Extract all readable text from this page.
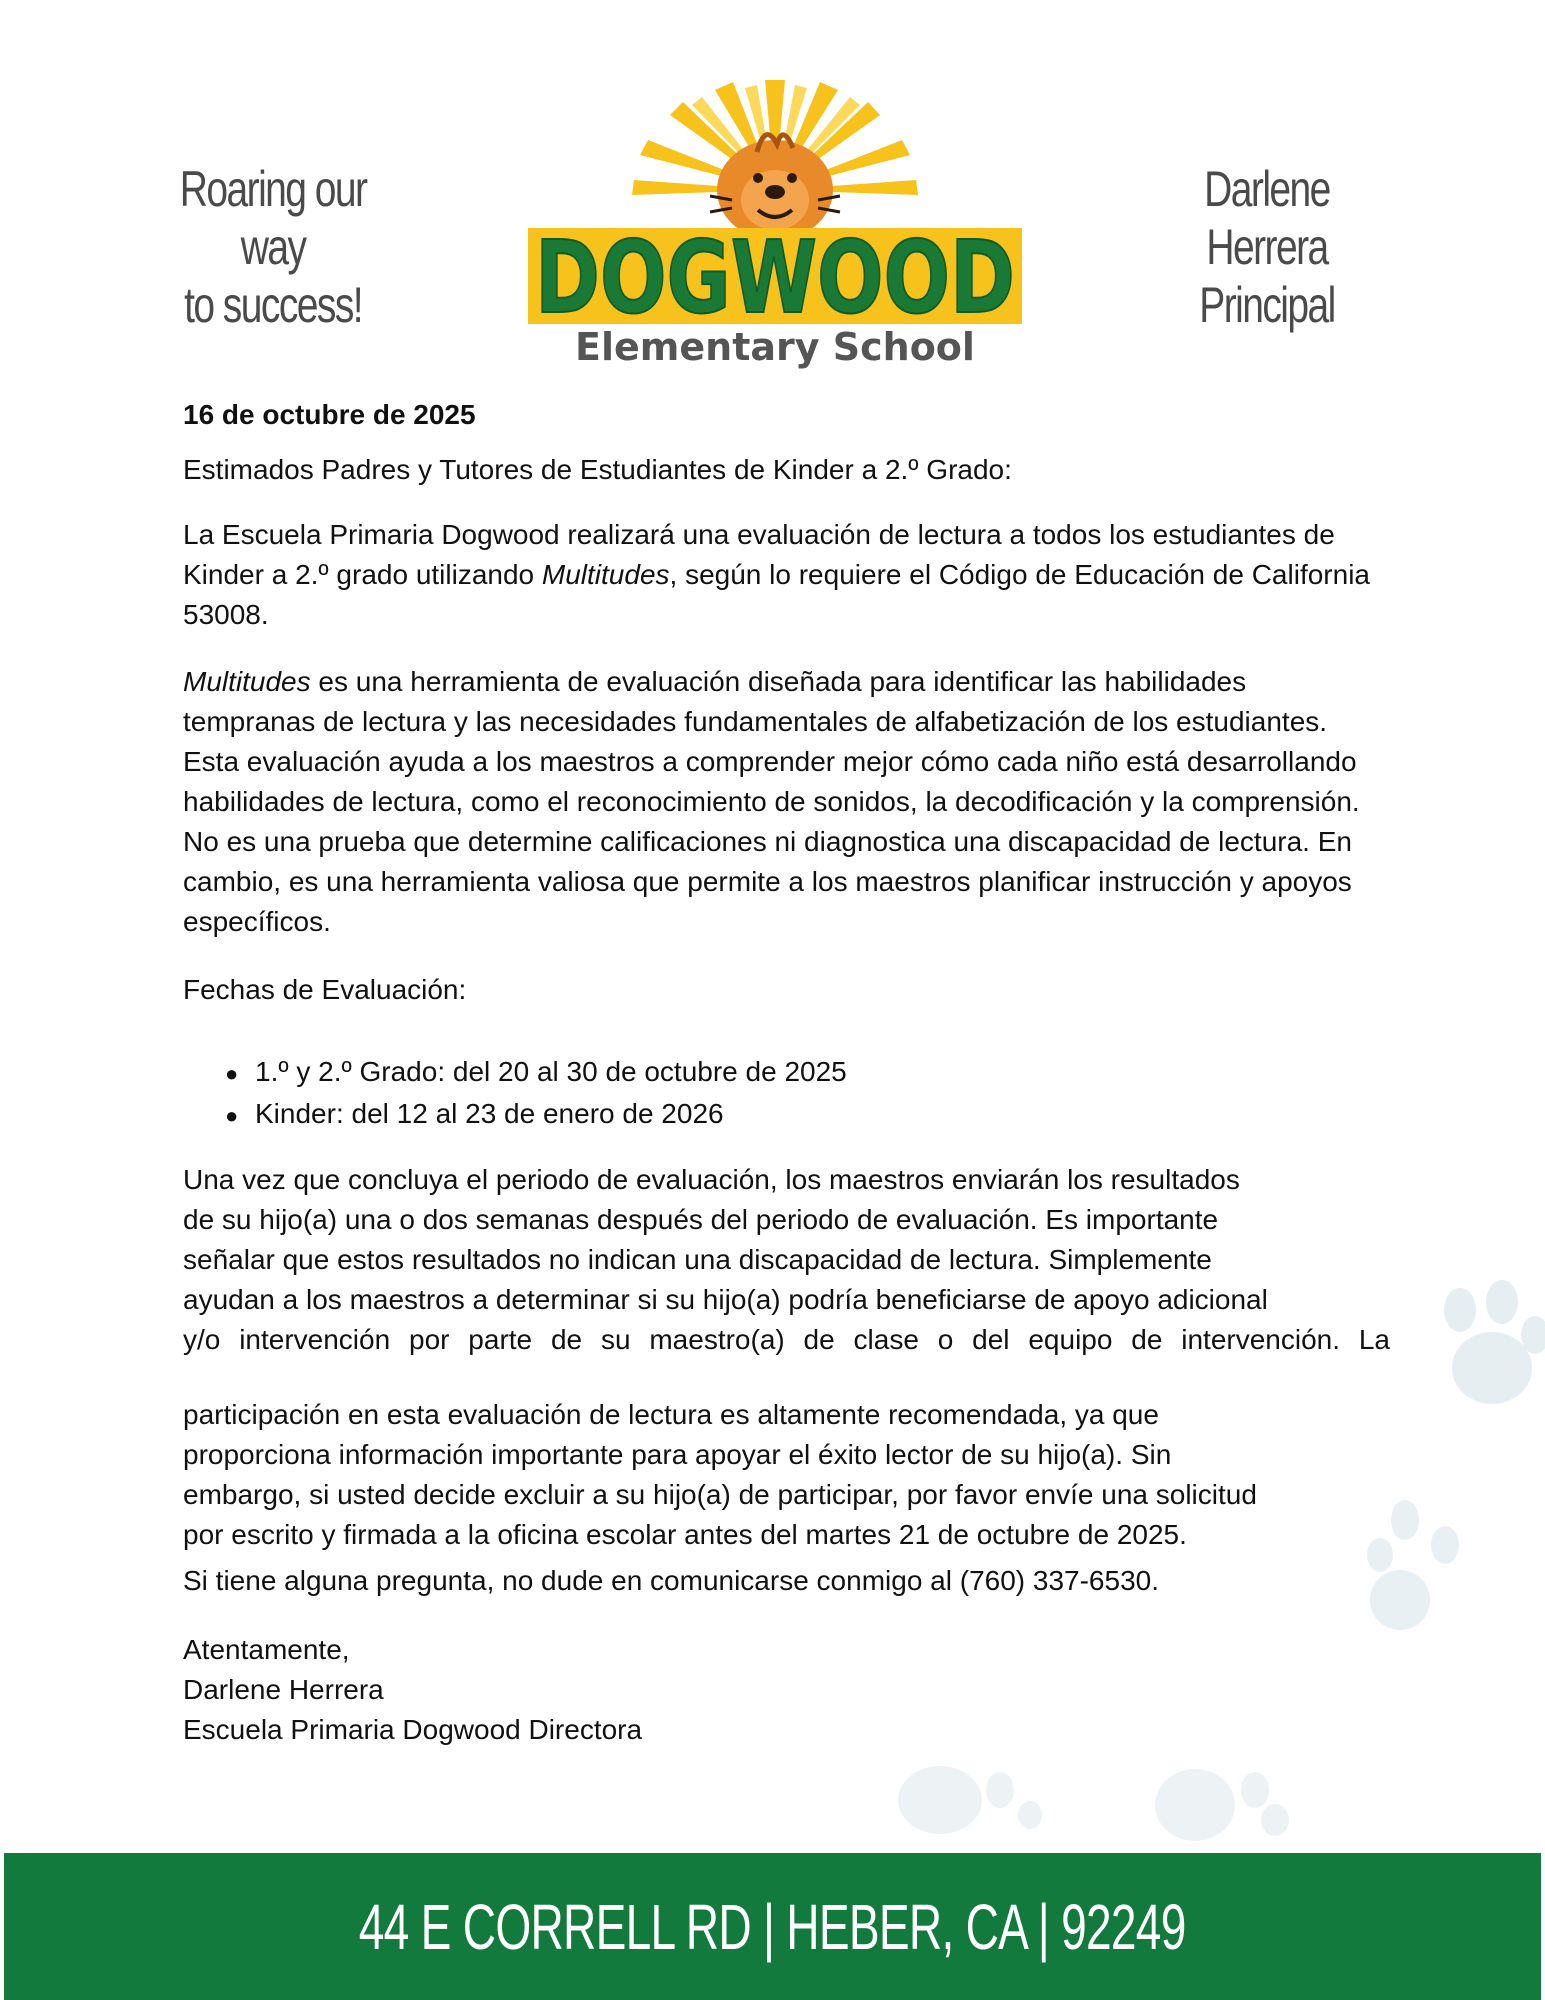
Roaring our way
to success! DOGWOOD
Elementary School
Darlene Herrera
Principal
16 de octubre de 2025
Estimados Padres y Tutores de Estudiantes de Kinder a 2.º Grado:
La Escuela Primaria Dogwood realizará una evaluación de lectura a todos los estudiantes de Kinder a 2.º grado utilizando Multitudes, según lo requiere el Código de Educación de California 53008.
Multitudes es una herramienta de evaluación diseñada para identificar las habilidades tempranas de lectura y las necesidades fundamentales de alfabetización de los estudiantes. Esta evaluación ayuda a los maestros a comprender mejor cómo cada niño está desarrollando habilidades de lectura, como el reconocimiento de sonidos, la decodificación y la comprensión. No es una prueba que determine calificaciones ni diagnostica una discapacidad de lectura. En cambio, es una herramienta valiosa que permite a los maestros planificar instrucción y apoyos específicos.
Fechas de Evaluación:
● 1.º y 2.º Grado: del 20 al 30 de octubre de 2025
● Kinder: del 12 al 23 de enero de 2026
Una vez que concluya el periodo de evaluación, los maestros enviarán los resultados
de su hijo(a) una o dos semanas después del periodo de evaluación. Es importante
señalar que estos resultados no indican una discapacidad de lectura. Simplemente
ayudan a los maestros a determinar si su hijo(a) podría beneficiarse de apoyo adicional
y/o intervención por parte de su maestro(a) de clase o del equipo de intervención. La
participación en esta evaluación de lectura es altamente recomendada, ya que
proporciona información importante para apoyar el éxito lector de su hijo(a). Sin
embargo, si usted decide excluir a su hijo(a) de participar, por favor envíe una solicitud
por escrito y firmada a la oficina escolar antes del martes 21 de octubre de 2025.
Si tiene alguna pregunta, no dude en comunicarse conmigo al (760) 337-6530.
Atentamente,
Darlene Herrera
Escuela Primaria Dogwood Directora
44 E CORRELL RD | HEBER, CA | 92249
